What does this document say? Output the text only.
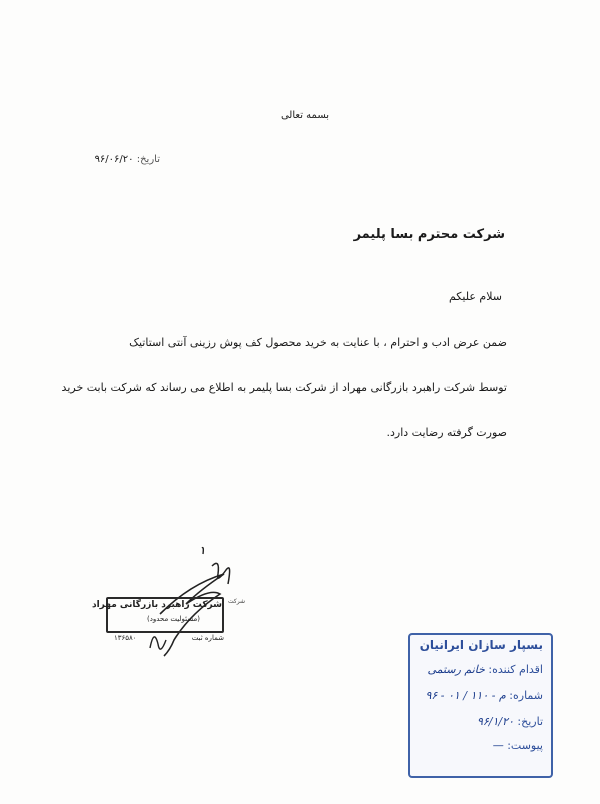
بسمه تعالی
تاریخ: ۹۶/۰۶/۲۰
شرکت محترم بسا پلیمر
سلام علیکم
ضمن عرض ادب و احترام ، با عنایت به خرید محصول کف پوش رزینی آنتی استاتیک
توسط شرکت راهبرد بازرگانی مهراد از شرکت بسا پلیمر به اطلاع می رساند که شرکت بابت خرید
صورت گرفته رضایت دارد.
شرکت راهبرد بازرگانی مهراد
(مسئولیت محدود)
۱۳۶۵۸۰	شماره ثبت
شرکت
بسپار سازان ایرانیان
اقدام کننده: خانم رستمی
شماره: م - ۱۱۰ / ۰۱ - ۹۶
تاریخ: ۹۶/۱/۲۰
پیوست: —
